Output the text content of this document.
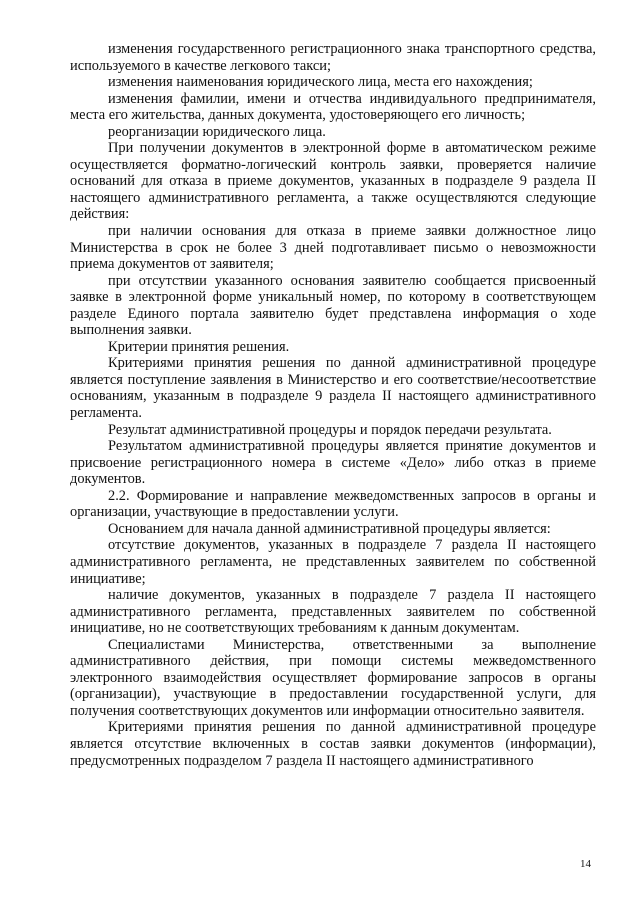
изменения государственного регистрационного знака транспортного средства, используемого в качестве легкового такси;

изменения наименования юридического лица, места его нахождения;

изменения фамилии, имени и отчества индивидуального предпринимателя, места его жительства, данных документа, удостоверяющего его личность;

реорганизации юридического лица.

При получении документов в электронной форме в автоматическом режиме осуществляется форматно-логический контроль заявки, проверяется наличие оснований для отказа в приеме документов, указанных в подразделе 9 раздела II настоящего административного регламента, а также осуществляются следующие действия:

при наличии основания для отказа в приеме заявки должностное лицо Министерства в срок не более 3 дней подготавливает письмо о невозможности приема документов от заявителя;

при отсутствии указанного основания заявителю сообщается присвоенный заявке в электронной форме уникальный номер, по которому в соответствующем разделе Единого портала заявителю будет представлена информация о ходе выполнения заявки.

Критерии принятия решения.

Критериями принятия решения по данной административной процедуре является поступление заявления в Министерство и его соответствие/несоответствие основаниям, указанным в подразделе 9 раздела II настоящего административного регламента.

Результат административной процедуры и порядок передачи результата.

Результатом административной процедуры является принятие документов и присвоение регистрационного номера в системе «Дело» либо отказ в приеме документов.

2.2. Формирование и направление межведомственных запросов в органы и организации, участвующие в предоставлении услуги.

Основанием для начала данной административной процедуры является:

отсутствие документов, указанных в подразделе 7 раздела II настоящего административного регламента, не представленных заявителем по собственной инициативе;

наличие документов, указанных в подразделе 7 раздела II настоящего административного регламента, представленных заявителем по собственной инициативе, но не соответствующих требованиям к данным документам.

Специалистами Министерства, ответственными за выполнение административного действия, при помощи системы межведомственного электронного взаимодействия осуществляет формирование запросов в органы (организации), участвующие в предоставлении государственной услуги, для получения соответствующих документов или информации относительно заявителя.

Критериями принятия решения по данной административной процедуре является отсутствие включенных в состав заявки документов (информации), предусмотренных подразделом 7 раздела II настоящего административного

14
